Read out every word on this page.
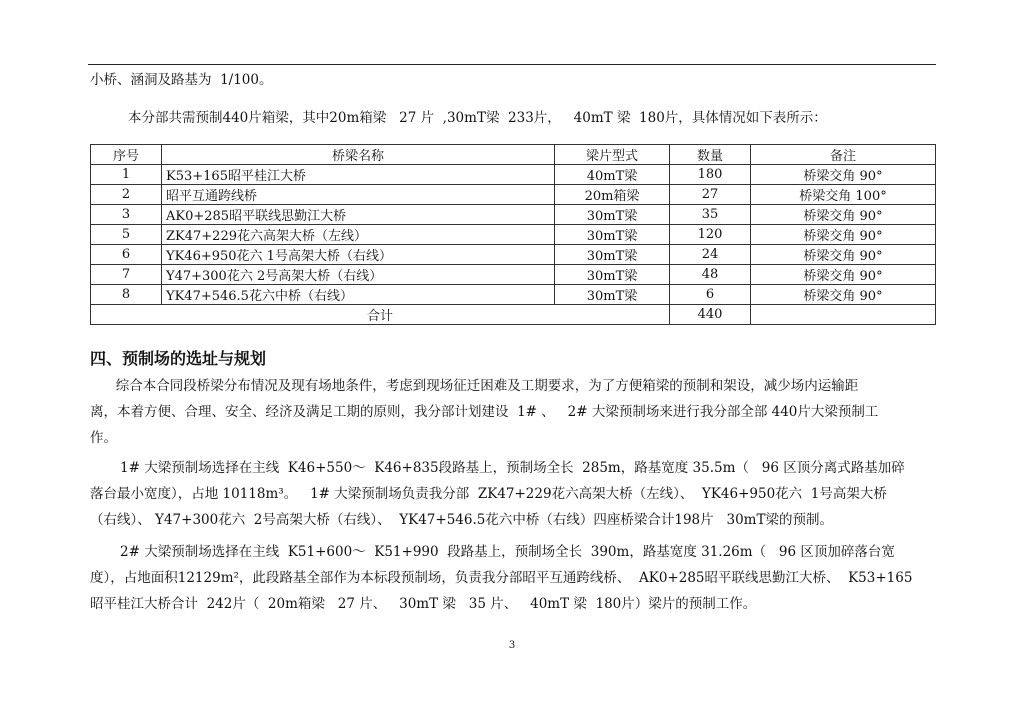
小桥、涵洞及路基为  1/100。
本分部共需预制440片箱梁，其中20m箱梁   27 片  ,30mT梁  233片，   40mT 梁  180片，具体情况如下表所示：
序号	桥梁名称	梁片型式	数量	备注
1	K53+165昭平桂江大桥	40mT梁	180	桥梁交角 90°
2	昭平互通跨线桥	20m箱梁	27	桥梁交角 100°
3	AK0+285昭平联线思勤江大桥	30mT梁	35	桥梁交角 90°
5	ZK47+229花六高架大桥（左线）	30mT梁	120	桥梁交角 90°
6	YK46+950花六 1号高架大桥（右线）	30mT梁	24	桥梁交角 90°
7	Y47+300花六 2号高架大桥（右线）	30mT梁	48	桥梁交角 90°
8	YK47+546.5花六中桥（右线）	30mT梁	6	桥梁交角 90°
合计			440	
四、预制场的选址与规划
综合本合同段桥梁分布情况及现有场地条件，考虑到现场征迁困难及工期要求，为了方便箱梁的预制和架设，减少场内运输距
离，本着方便、合理、安全、经济及满足工期的原则，我分部计划建设  1# 、   2# 大梁预制场来进行我分部全部 440片大梁预制工
作。
1# 大梁预制场选择在主线  K46+550～  K46+835段路基上，预制场全长  285m，路基宽度 35.5m（   96 区顶分离式路基加碎
落台最小宽度），占地 10118m³。   1# 大梁预制场负责我分部  ZK47+229花六高架大桥（左线）、  YK46+950花六  1号高架大桥
（右线）、 Y47+300花六  2号高架大桥（右线）、  YK47+546.5花六中桥（右线）四座桥梁合计198片   30mT梁的预制。
2# 大梁预制场选择在主线  K51+600～  K51+990  段路基上，预制场全长  390m，路基宽度 31.26m（   96 区顶加碎落台宽
度），占地面积12129m²，此段路基全部作为本标段预制场，负责我分部昭平互通跨线桥、  AK0+285昭平联线思勤江大桥、  K53+165
昭平桂江大桥合计  242片（  20m箱梁   27 片、   30mT 梁   35 片、   40mT 梁  180片）梁片的预制工作。
3
